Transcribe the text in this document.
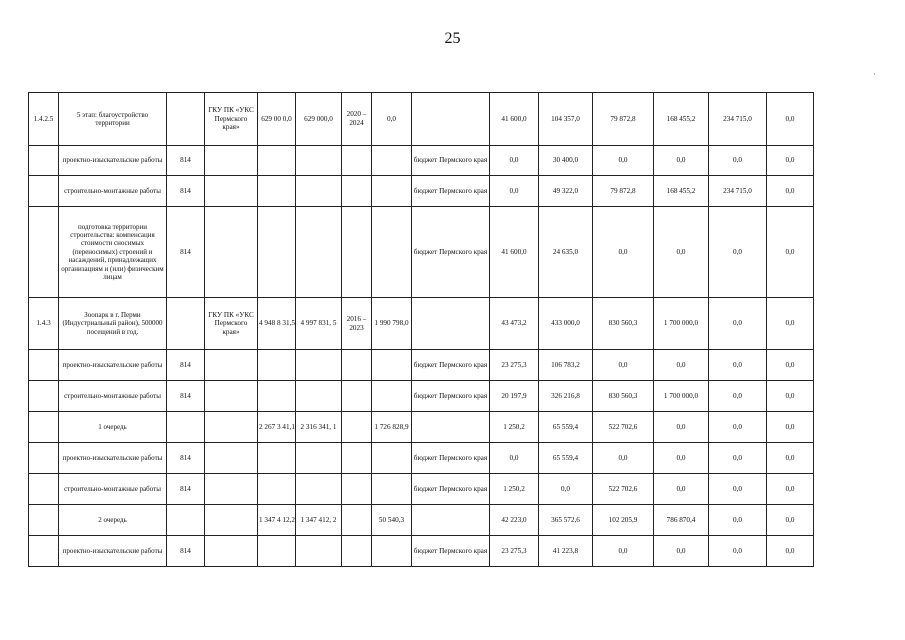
25
·
1.4.2.5	5 этап: благоустройство территории		ГКУ ПК «УКС Пермского края»	629 00 0,0	629 000,0	2020 – 2024	0,0		41 600,0	104 357,0	79 872,8	168 455,2	234 715,0	0,0
	проектно-изыскательские работы	814						бюджет Пермского края	0,0	30 400,0	0,0	0,0	0,0	0,0
	строительно-монтажные работы	814						бюджет Пермского края	0,0	49 322,0	79 872,8	168 455,2	234 715,0	0,0
	подготовка территории строительства: компенсация стоимости сносимых (переносимых) строений и насаждений, принадлежащих организациям и (или) физическим лицам	814						бюджет Пермского края	41 600,0	24 635,0	0,0	0,0	0,0	0,0
1.4.3	Зоопарк в г. Перми (Индустриальный район), 500000 посещений в год.		ГКУ ПК «УКС Пермского края»	4 948 8 31,5	4 997 831, 5	2016 – 2023	1 990 798,0		43 473,2	433 000,0	830 560,3	1 700 000,0	0,0	0,0
	проектно-изыскательские работы	814						бюджет Пермского края	23 275,3	106 783,2	0,0	0,0	0,0	0,0
	строительно-монтажные работы	814						бюджет Пермского края	20 197,9	326 216,8	830 560,3	1 700 000,0	0,0	0,0
	1 очередь			2 267 3 41,1	2 316 341, 1		1 726 828,9		1 250,2	65 559,4	522 702,6	0,0	0,0	0,0
	проектно-изыскательские работы	814						бюджет Пермского края	0,0	65 559,4	0,0	0,0	0,0	0,0
	строительно-монтажные работы	814						бюджет Пермского края	1 250,2	0,0	522 702,6	0,0	0,0	0,0
	2 очередь			1 347 4 12,2	1 347 412, 2		50 540,3		42 223,0	365 572,6	102 205,9	786 870,4	0,0	0,0
	проектно-изыскательские работы	814						бюджет Пермского края	23 275,3	41 223,8	0,0	0,0	0,0	0,0
